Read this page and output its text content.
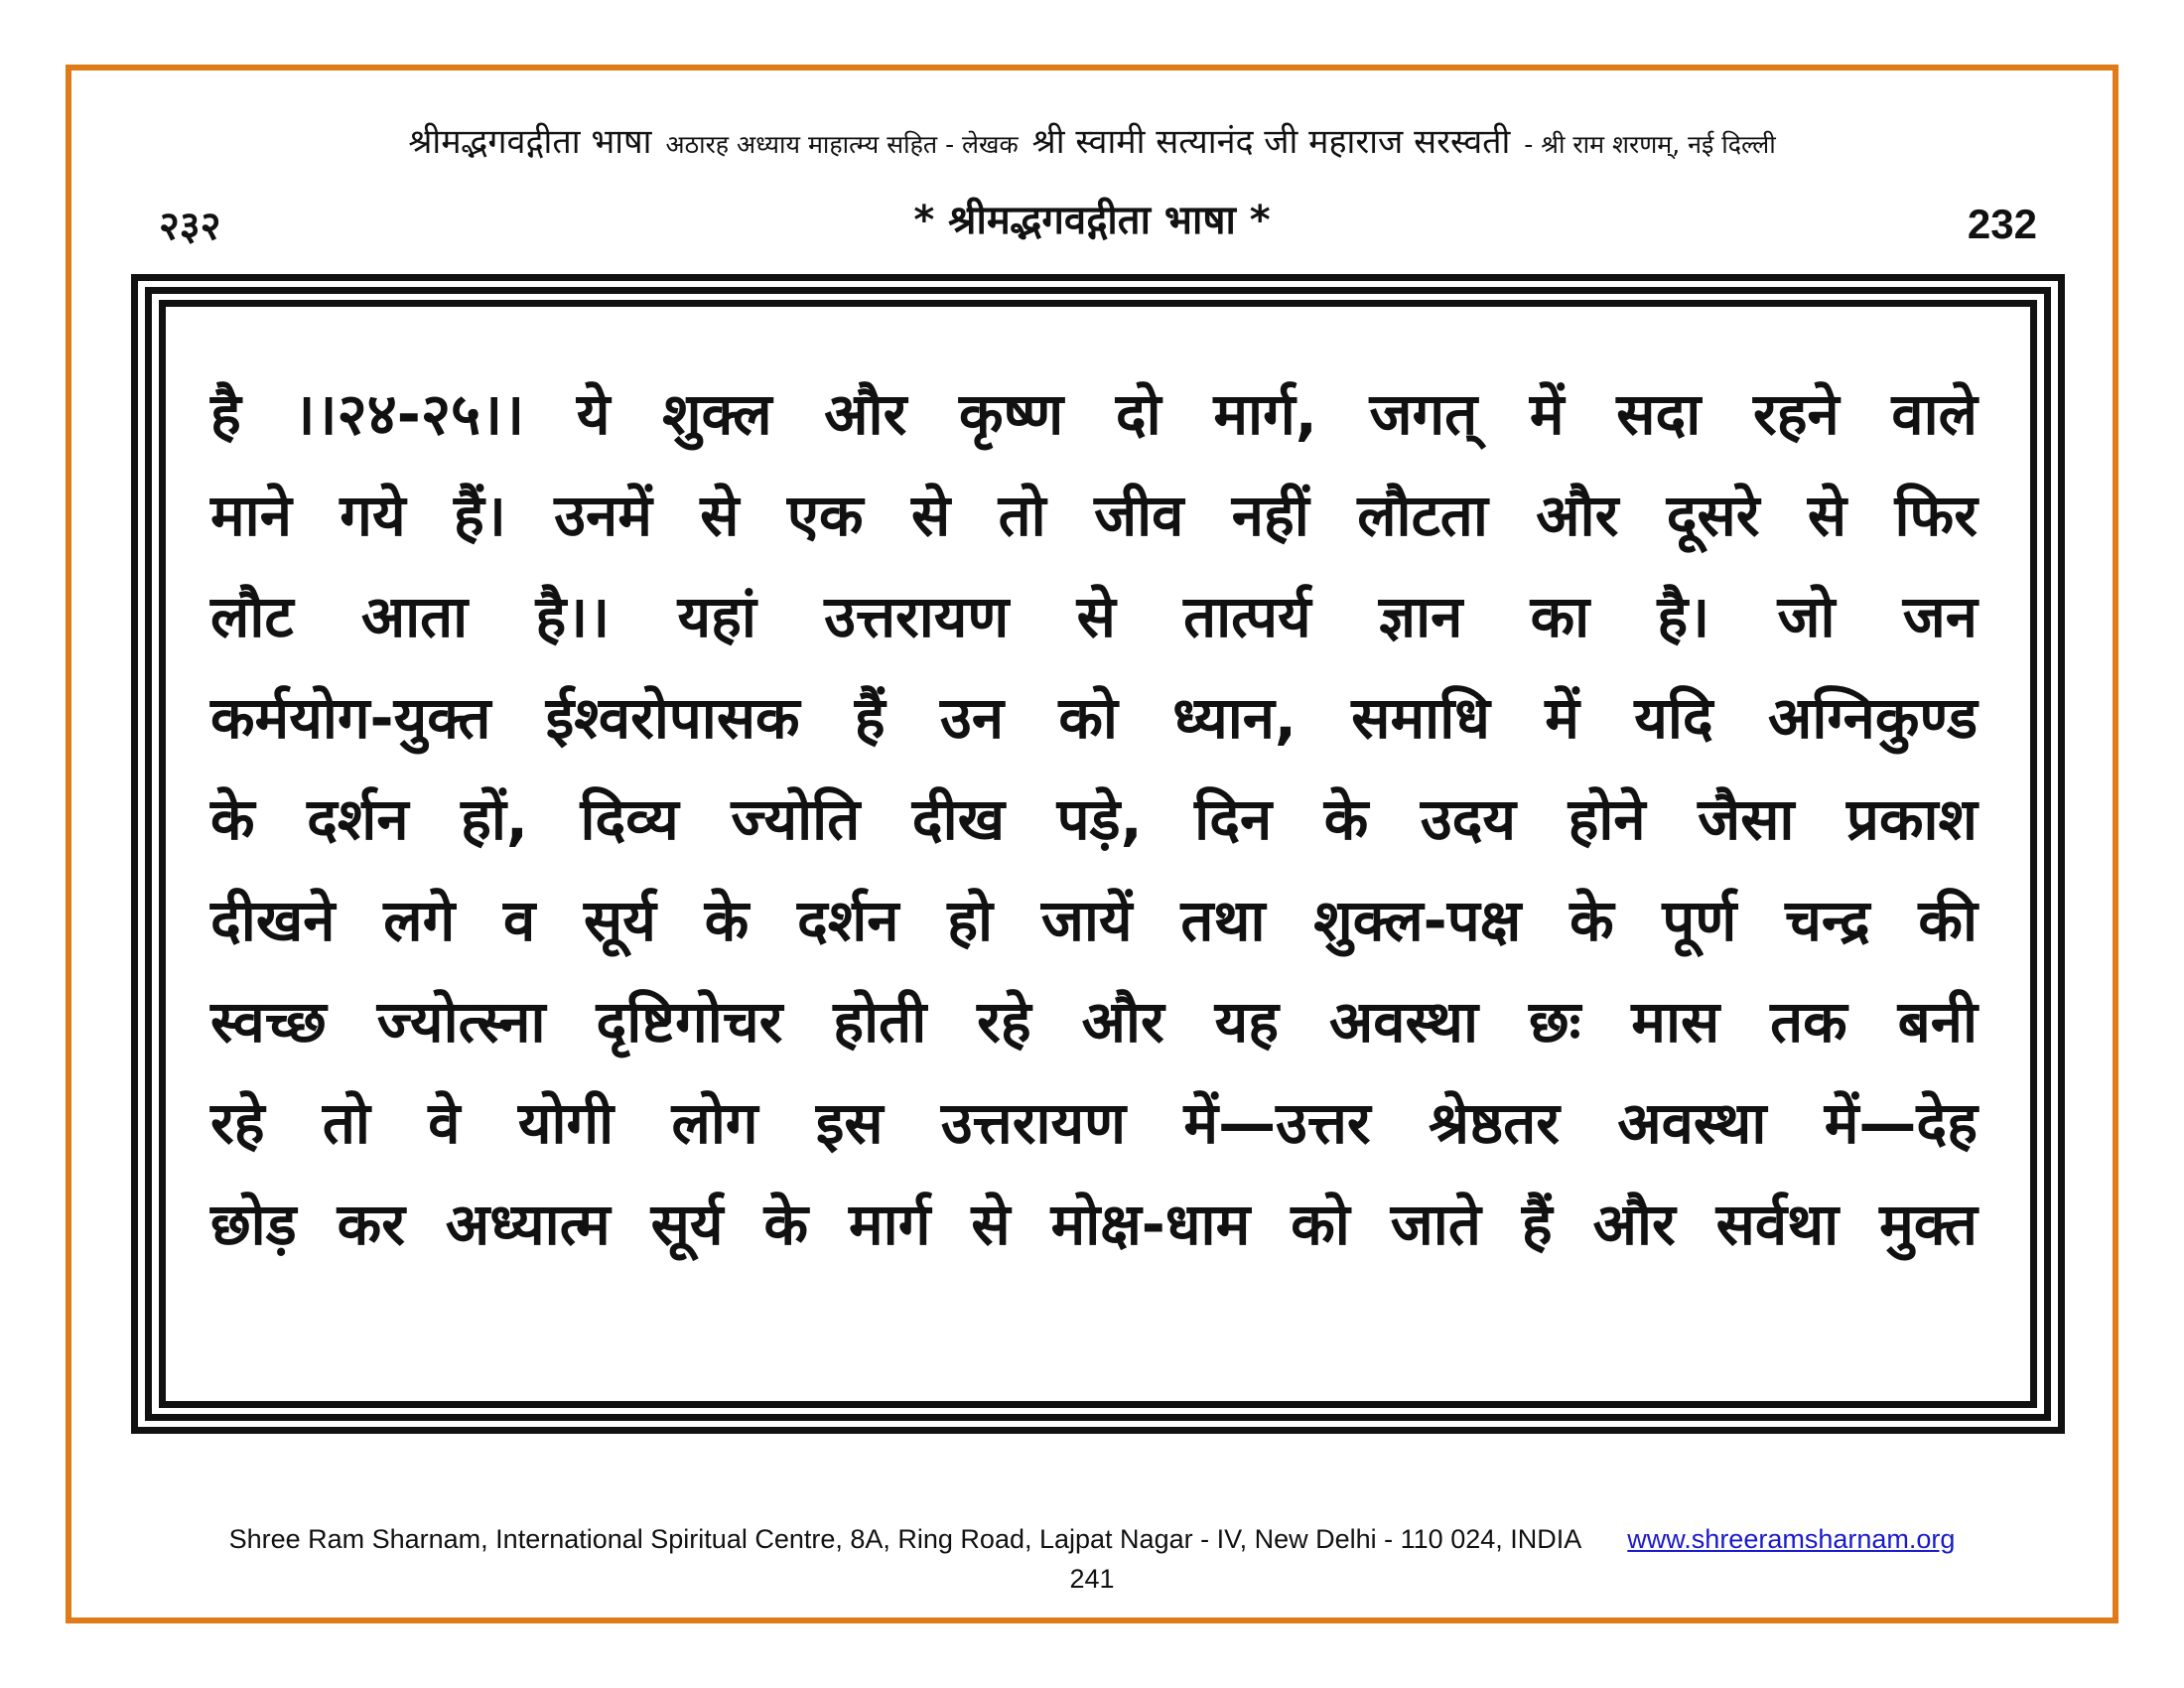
श्रीमद्भगवद्गीता भाषा अठारह अध्याय माहात्म्य सहित - लेखक श्री स्वामी सत्यानंद जी महाराज सरस्वती - श्री राम शरणम्, नई दिल्ली
२३२	* श्रीमद्भगवद्गीता भाषा *	232
है ।।२४-२५।। ये शुक्ल और कृष्ण दो मार्ग, जगत् में सदा रहने वाले
माने गये हैं। उनमें से एक से तो जीव नहीं लौटता और दूसरे से फिर
लौट आता है।। यहां उत्तरायण से तात्पर्य ज्ञान का है। जो जन
कर्मयोग-युक्त ईश्वरोपासक हैं उन को ध्यान, समाधि में यदि अग्निकुण्ड
के दर्शन हों, दिव्य ज्योति दीख पड़े, दिन के उदय होने जैसा प्रकाश
दीखने लगे व सूर्य के दर्शन हो जायें तथा शुक्ल-पक्ष के पूर्ण चन्द्र की
स्वच्छ ज्योत्स्ना दृष्टिगोचर होती रहे और यह अवस्था छः मास तक बनी
रहे तो वे योगी लोग इस उत्तरायण में—उत्तर श्रेष्ठतर अवस्था में—देह
छोड़ कर अध्यात्म सूर्य के मार्ग से मोक्ष-धाम को जाते हैं और सर्वथा मुक्त
Shree Ram Sharnam, International Spiritual Centre, 8A, Ring Road, Lajpat Nagar - IV, New Delhi - 110 024, INDIA www.shreeramsharnam.org
241
